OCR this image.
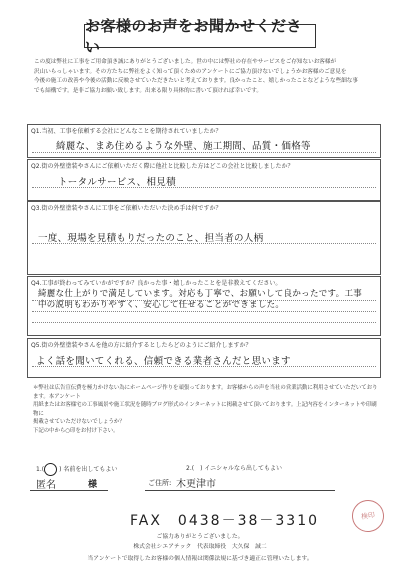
お客様のお声をお聞かせください
この度は弊社に工事をご用命頂き誠にありがとうございました。世の中には弊社の存在やサービスをご存知ないお客様が
沢山いらっしゃいます。その方たちに弊社をよく知って頂くためのアンケートにご協力頂けないでしょうかお客様のご意見を
今後の施工の改善や今後の活動に反映させていただきたいと考えております。良かったこと、嬉しかったことなどような些細な事
でも結構です。是非ご協力お願い致します。出来る限り具体的に書いて頂ければ幸いです。
Q1.当初、工事を依頼する会社にどんなことを期待されていましたか？
綺麗な、まあ住めるような外壁、施工期間、品質・価格等
Q2.街の外壁塗装やさんにご依頼いただく際に他社と比較した方はどこの会社と比較しましたか？
トータルサービス、相見積
Q3.街の外壁塗装やさんに工事をご依頼いただいた決め手は何ですか？
一度、現場を見積もりだったのこと、担当者の人柄
Q4.工事が終わってみていかがですか？良かった事・嬉しかったことを是非教えてください。
綺麗な仕上がりで満足しています。対応も丁寧で、お願いして良かったです。工事中の説明もわかりやすく、安心して任せることができました。
Q5.街の外壁塗装やさんを他の方に紹介するとしたらどのようにご紹介しますか？
よく話を聞いてくれる、信頼できる業者さんだと思います
＊弊社は広告宣伝費を極力かけない為にホームページ作りを頑張っております。お客様からの声を当社の営業活動に利用させていただいております。本アンケート
用紙またはお客様宅の工事風景や施工状況を随時ブログ形式のインターネットに掲載させて頂いております。上記内容をインターネットや印刷物に
掲載させていただけないでしょうか？
下記の中から○印をお付け下さい。
1.(○ ) 名前を出してもよい	2.(　) イニシャルなら出してもよい
匿名	様	ご住所: 木更津市
FAX　0438－38－3310	検印
ご協力ありがとうございました。
株式会社シエアテック　代表取締役　大久保　誠二
当アンケートで取得したお客様の個人情報は関係法規に基づき適正に管理いたします。
